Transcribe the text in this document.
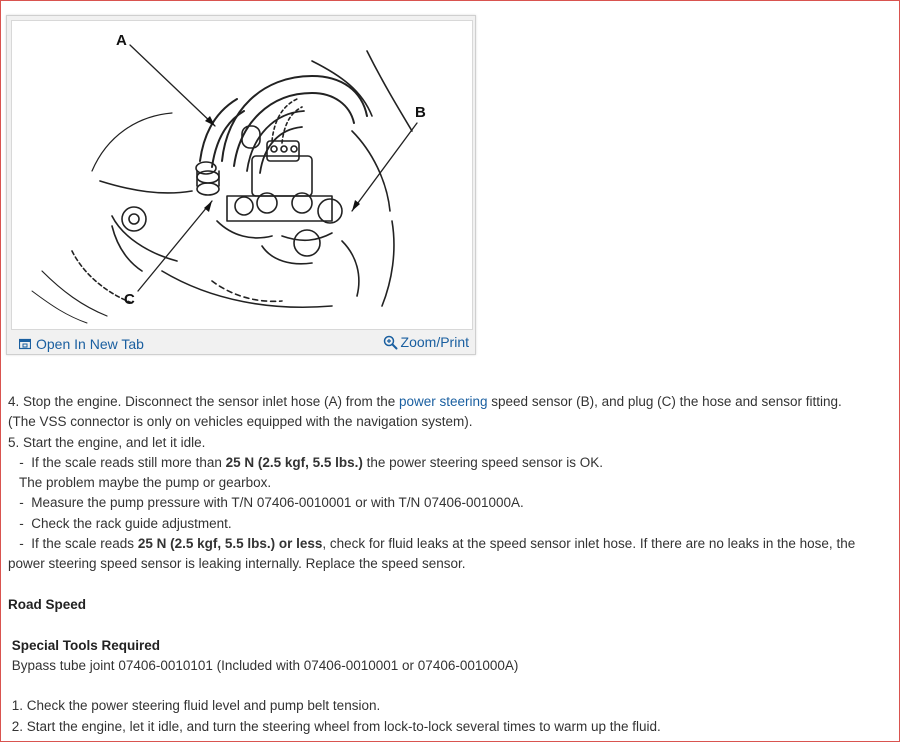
A
B
C
Open In New Tab	Zoom/Print

4. Stop the engine. Disconnect the sensor inlet hose (A) from the power steering speed sensor (B), and plug (C) the hose and sensor fitting.

(The VSS connector is only on vehicles equipped with the navigation system).

5. Start the engine, and let it idle.

-  If the scale reads still more than 25 N (2.5 kgf, 5.5 lbs.) the power steering speed sensor is OK.

The problem maybe the pump or gearbox.

-  Measure the pump pressure with T/N 07406-0010001 or with T/N 07406-001000A.

-  Check the rack guide adjustment.

-  If the scale reads 25 N (2.5 kgf, 5.5 lbs.) or less, check for fluid leaks at the speed sensor inlet hose. If there are no leaks in the hose, the

power steering speed sensor is leaking internally. Replace the speed sensor.

Road Speed

Special Tools Required

Bypass tube joint 07406-0010101 (Included with 07406-0010001 or 07406-001000A)

1. Check the power steering fluid level and pump belt tension.

2. Start the engine, let it idle, and turn the steering wheel from lock-to-lock several times to warm up the fluid.
